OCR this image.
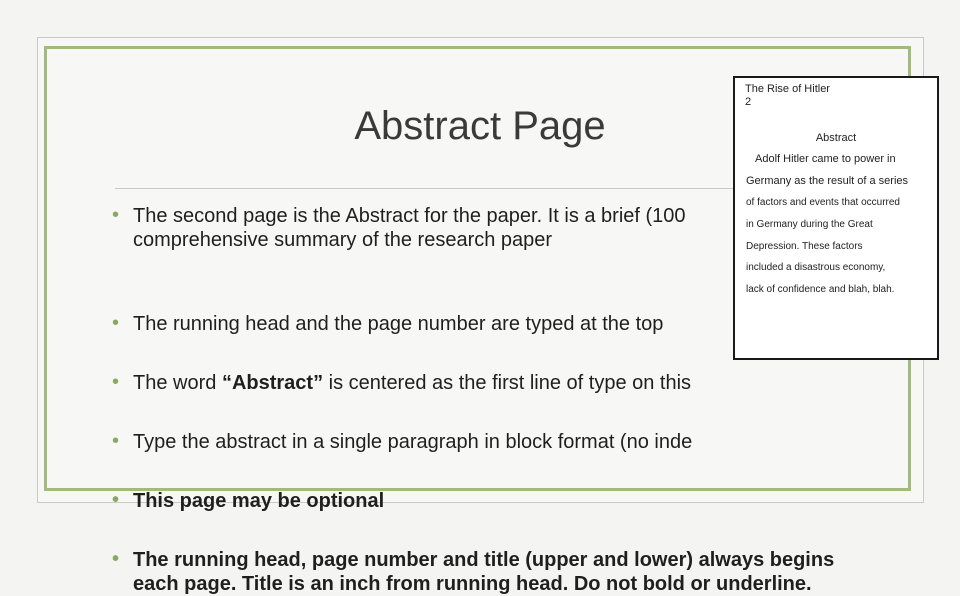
Abstract Page
• The second page is the Abstract for the paper. It is a brief (100
comprehensive summary of the research paper
• The running head and the page number are typed at the top
• The word “Abstract” is centered as the first line of type on this
• Type the abstract in a single paragraph in block format (no inde
• This page may be optional
• The running head, page number and title (upper and lower) always begins each page. Title is an inch from running head. Do not bold or underline.
The Rise of Hitler
2
Abstract
Adolf Hitler came to power in
Germany as the result of a series
of factors and events that occurred
in Germany during the Great
Depression. These factors
included a disastrous economy,
lack of confidence and blah, blah.
